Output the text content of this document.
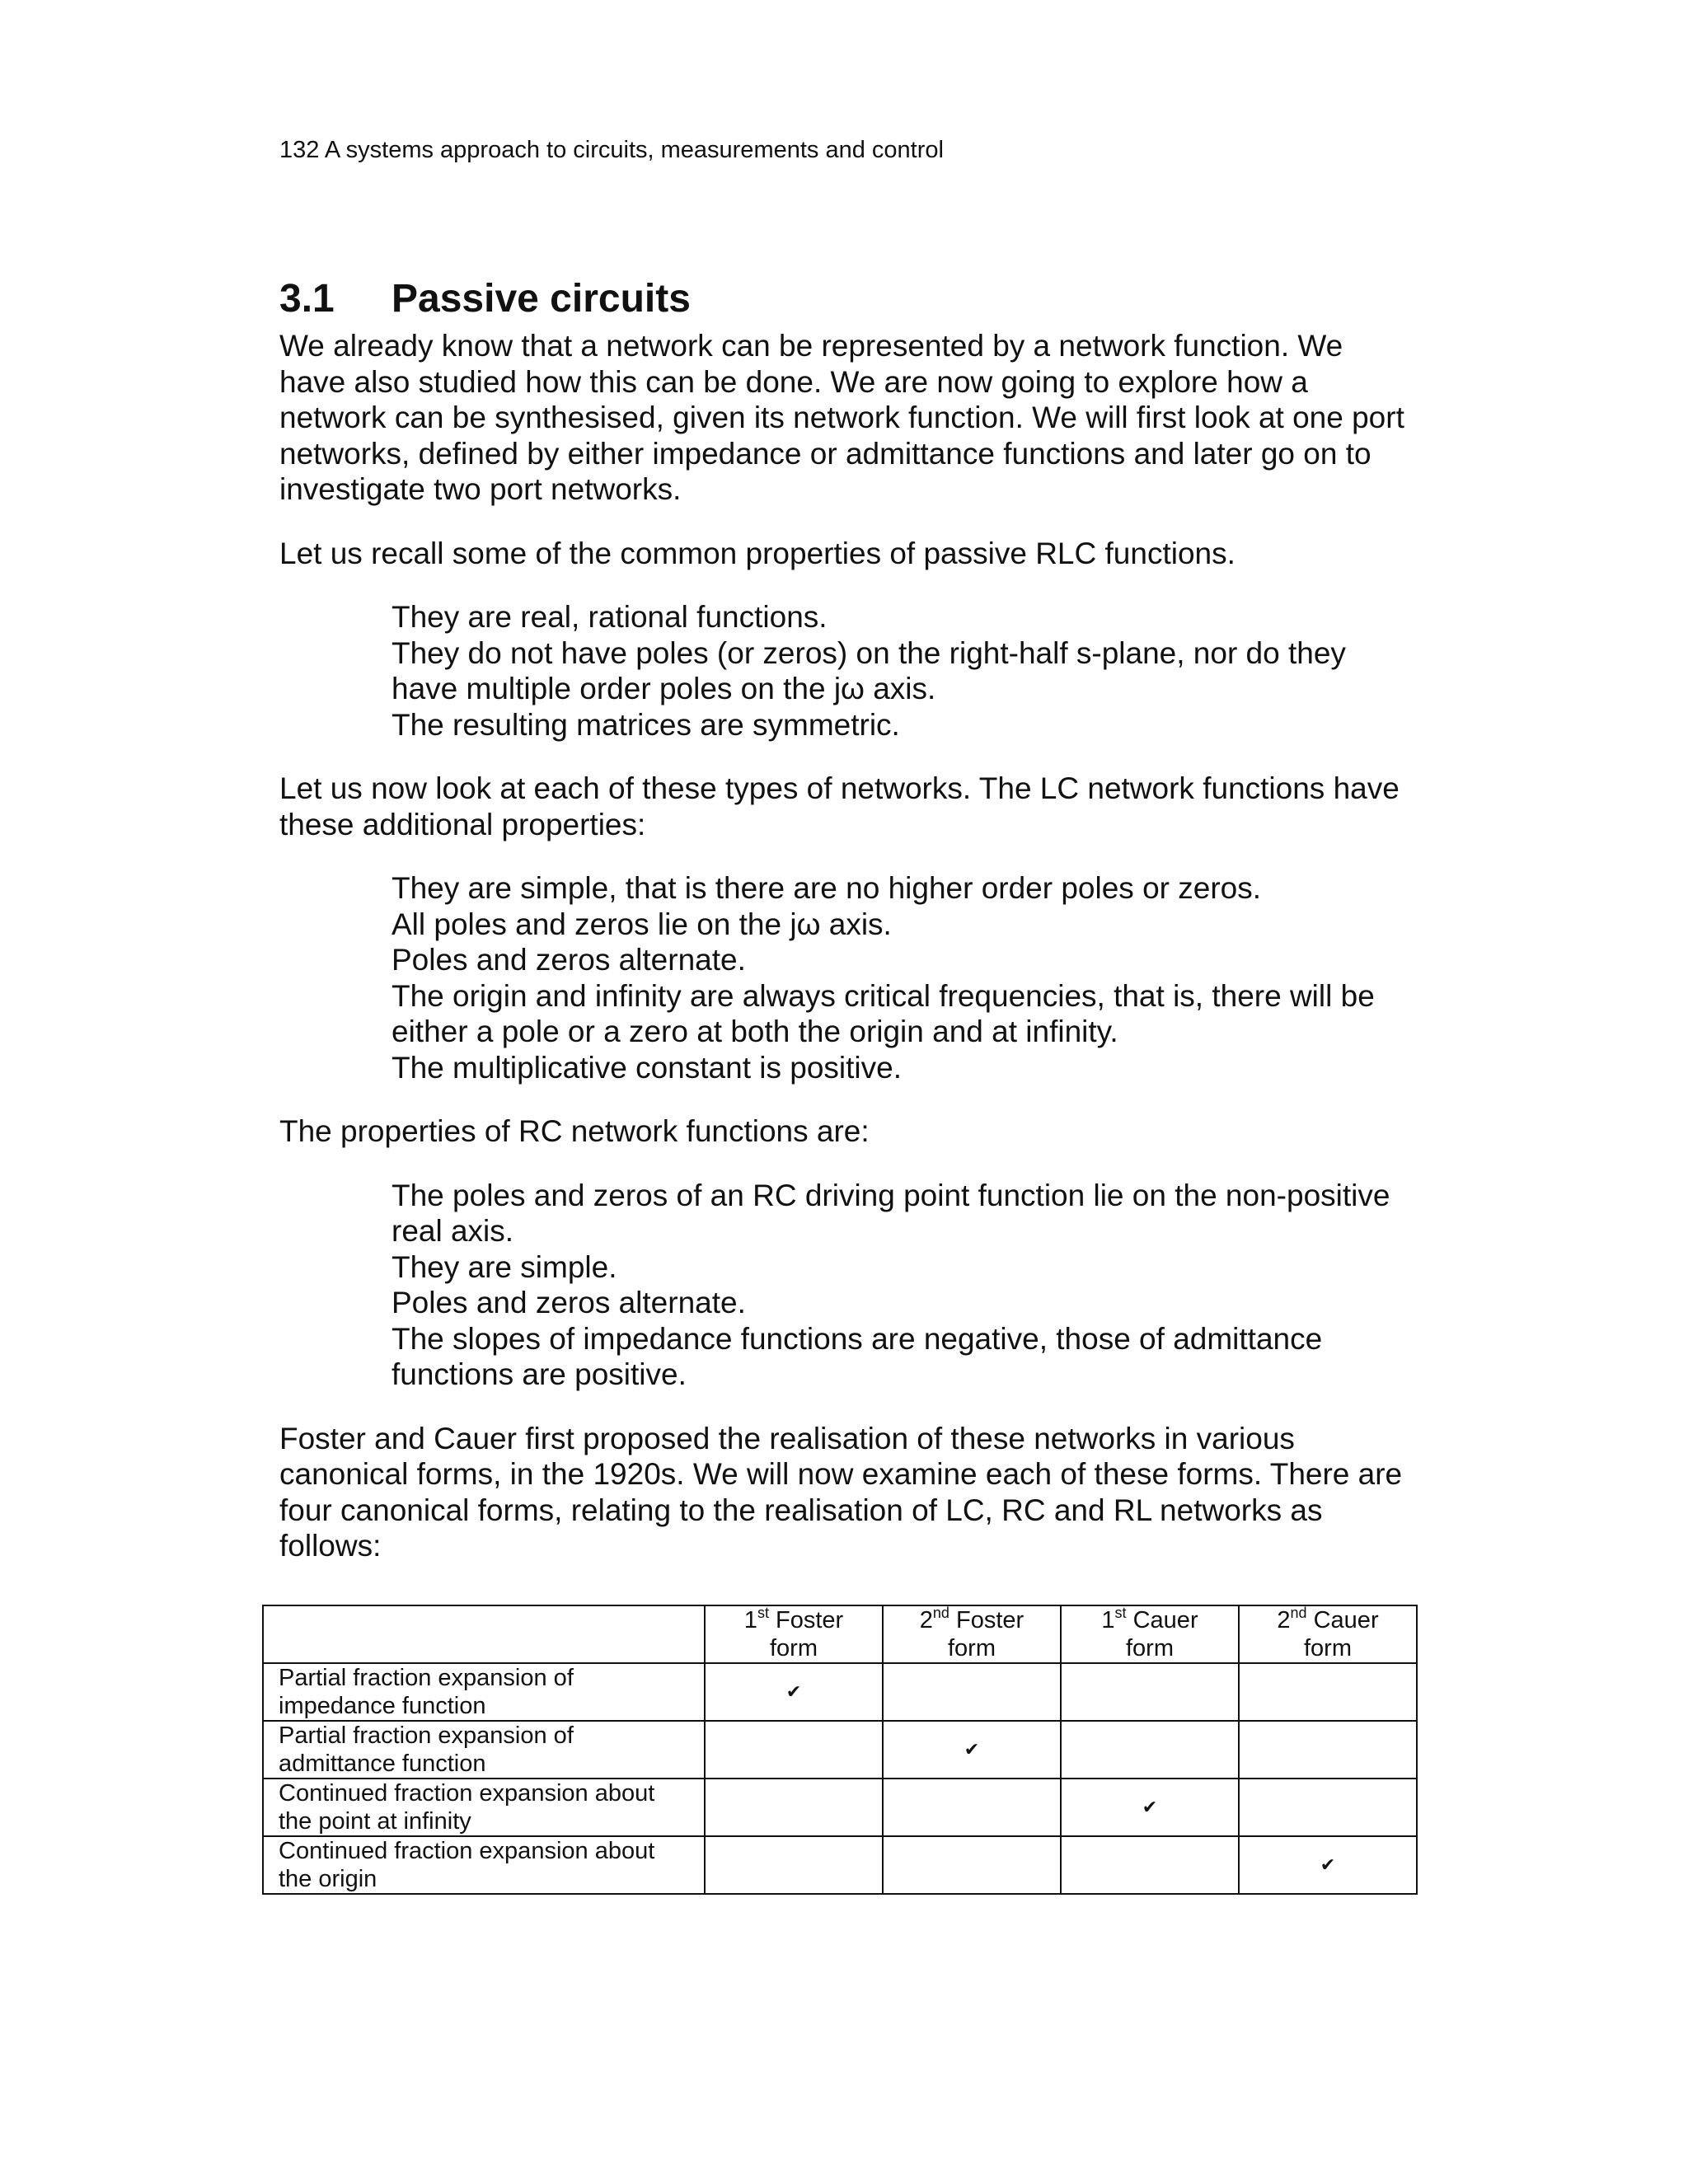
132 A systems approach to circuits, measurements and control
3.1 Passive circuits

We already know that a network can be represented by a network function. We have also studied how this can be done. We are now going to explore how a network can be synthesised, given its network function. We will first look at one port networks, defined by either impedance or admittance functions and later go on to investigate two port networks.

Let us recall some of the common properties of passive RLC functions.

They are real, rational functions.
They do not have poles (or zeros) on the right-half s-plane, nor do they have multiple order poles on the jω axis.
The resulting matrices are symmetric.

Let us now look at each of these types of networks. The LC network functions have these additional properties:

They are simple, that is there are no higher order poles or zeros.
All poles and zeros lie on the jω axis.
Poles and zeros alternate.
The origin and infinity are always critical frequencies, that is, there will be either a pole or a zero at both the origin and at infinity.
The multiplicative constant is positive.

The properties of RC network functions are:

The poles and zeros of an RC driving point function lie on the non-positive real axis.
They are simple.
Poles and zeros alternate.
The slopes of impedance functions are negative, those of admittance functions are positive.

Foster and Cauer first proposed the realisation of these networks in various canonical forms, in the 1920s. We will now examine each of these forms. There are four canonical forms, relating to the realisation of LC, RC and RL networks as follows:

	1st Foster
form	2nd Foster
form	1st Cauer
form	2nd Cauer
form
Partial fraction expansion of
impedance function	✔			
Partial fraction expansion of
admittance function		✔		
Continued fraction expansion about
the point at infinity			✔	
Continued fraction expansion about
the origin				✔
